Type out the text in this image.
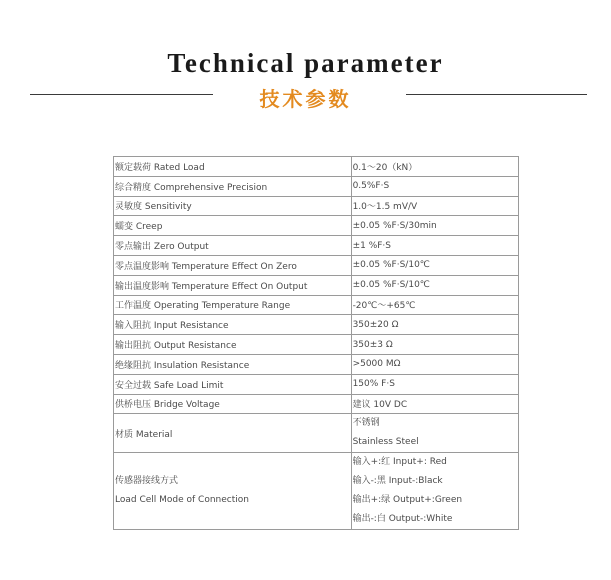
Technical parameter
技术参数
额定载荷 Rated Load	0.1～20（kN）
综合精度 Comprehensive Precision	0.5%F·S
灵敏度 Sensitivity	1.0～1.5 mV/V
蠕变 Creep	±0.05 %F·S/30min
零点输出 Zero Output	±1 %F·S
零点温度影响 Temperature Effect On Zero	±0.05 %F·S/10℃
输出温度影响 Temperature Effect On Output	±0.05 %F·S/10℃
工作温度 Operating Temperature Range	-20℃～+65℃
输入阻抗 Input Resistance	350±20 Ω
输出阻抗 Output Resistance	350±3 Ω
绝缘阻抗 Insulation Resistance	>5000 MΩ
安全过载 Safe Load Limit	150% F·S
供桥电压 Bridge Voltage	建议 10V DC
材质 Material	不锈钢
Stainless Steel

传感器接线方式
Load Cell Mode of Connection	输入+:红 Input+: Red
输入-:黑 Input-:Black
输出+:绿 Output+:Green
输出-:白 Output-:White
